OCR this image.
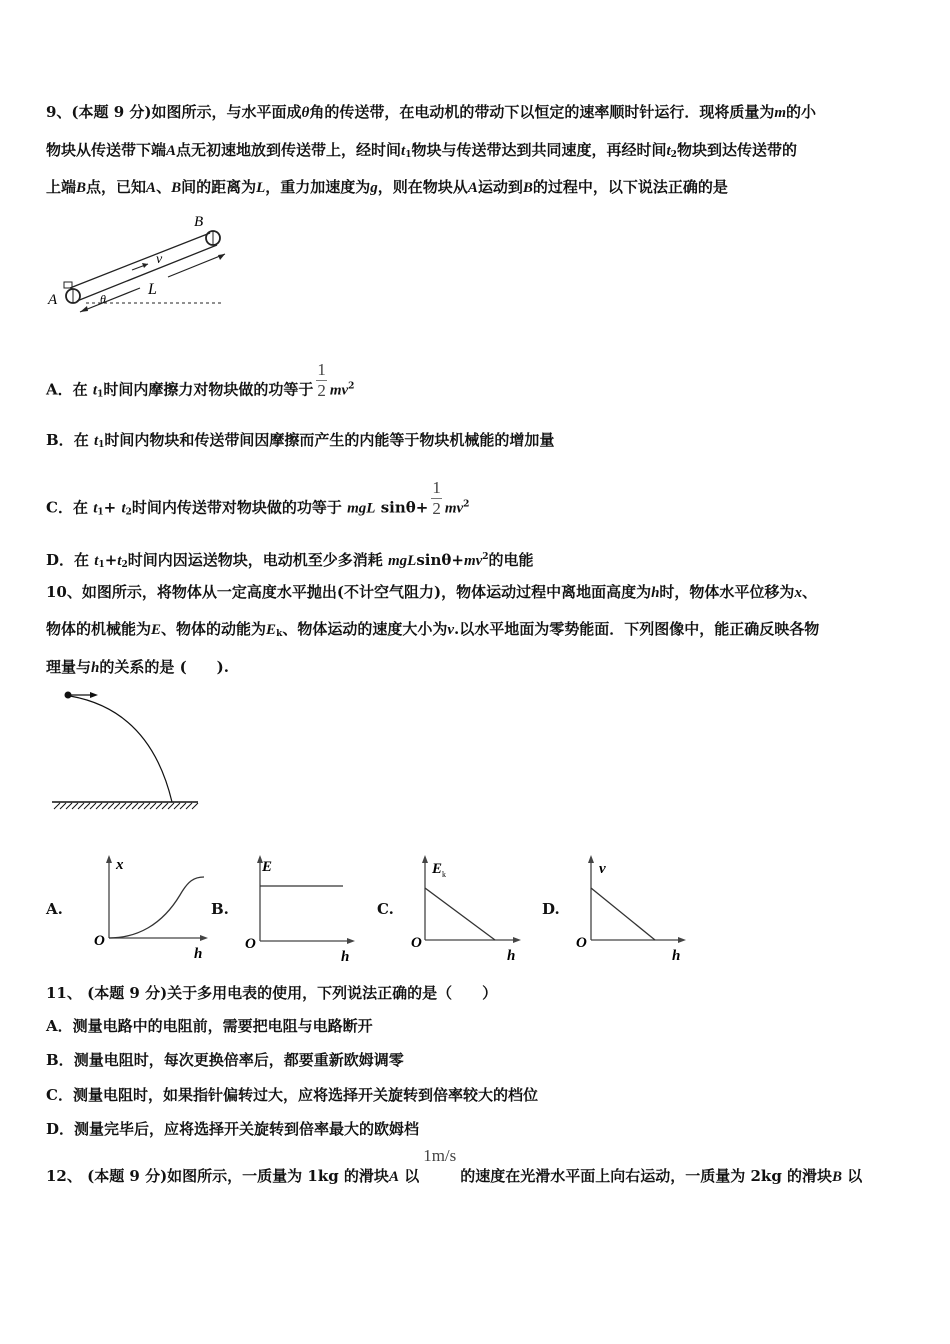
9、(本题 9 分)如图所示，与水平面成θ角的传送带，在电动机的带动下以恒定的速率顺时针运行．现将质量为m的小
物块从传送带下端A点无初速地放到传送带上，经时间$t_1$物块与传送带达到共同速度，再经时间$t_2$物块到达传送带的
上端B点，已知A、B间的距离为L，重力加速度为g，则在物块从A运动到B的过程中，以下说法正确的是
A
B
v
L
θ
A．在 $t_1$时间内摩擦力对物块做的功等于 $\frac{1}{2} mv^2$
B．在 $t_1$时间内物块和传送带间因摩擦而产生的内能等于物块机械能的增加量
C．在 $t_1+ t_2$时间内传送带对物块做的功等于 mgL $\sin\theta+ \frac{1}{2} mv^2$
D．在 $t_1+t_2$时间内因运送物块，电动机至少多消耗 $mgLsin\theta+mv^2$的电能
10、如图所示，将物体从一定高度水平抛出(不计空气阻力)，物体运动过程中离地面高度为h时，物体水平位移为x、
物体的机械能为E、物体的动能为$E_k$、物体运动的速度大小为v.以水平地面为零势能面．下列图像中，能正确反映各物
理量与h的关系的是 (　　).
A.
x
O
h
B.
E
O
h
C.
E k
O
h
D.
v
O
h
11、 (本题 9 分)关于多用电表的使用，下列说法正确的是（　　）
A．测量电路中的电阻前，需要把电阻与电路断开
B．测量电阻时，每次更换倍率后，都要重新欧姆调零
C．测量电阻时，如果指针偏转过大，应将选择开关旋转到倍率较大的档位
D．测量完毕后，应将选择开关旋转到倍率最大的欧姆档
12、 (本题 9 分)如图所示，一质量为 1kg 的滑块A 以1m/s的速度在光滑水平面上向右运动，一质量为 2kg 的滑块B 以
